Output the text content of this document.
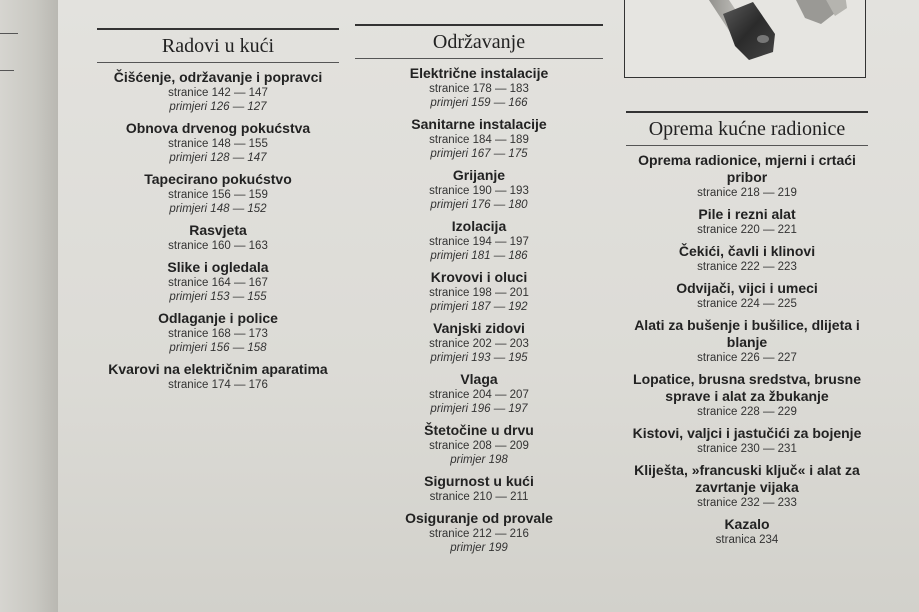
Radovi u kući
Čišćenje, održavanje i popravci
stranice 142 — 147
primjeri 126 — 127
Obnova drvenog pokućstva
stranice 148 — 155
primjeri 128 — 147
Tapecirano pokućstvo
stranice 156 — 159
primjeri 148 — 152
Rasvjeta
stranice 160 — 163
Slike i ogledala
stranice 164 — 167
primjeri 153 — 155
Odlaganje i police
stranice 168 — 173
primjeri 156 — 158
Kvarovi na električnim aparatima
stranice 174 — 176
Održavanje
Električne instalacije
stranice 178 — 183
primjeri 159 — 166
Sanitarne instalacije
stranice 184 — 189
primjeri 167 — 175
Grijanje
stranice 190 — 193
primjeri 176 — 180
Izolacija
stranice 194 — 197
primjeri 181 — 186
Krovovi i oluci
stranice 198 — 201
primjeri 187 — 192
Vanjski zidovi
stranice 202 — 203
primjeri 193 — 195
Vlaga
stranice 204 — 207
primjeri 196 — 197
Štetočine u drvu
stranice 208 — 209
primjer 198
Sigurnost u kući
stranice 210 — 211
Osiguranje od provale
stranice 212 — 216
primjer 199
Oprema kućne radionice
Oprema radionice, mjerni i crtaći pribor
stranice 218 — 219
Pile i rezni alat
stranice 220 — 221
Čekići, čavli i klinovi
stranice 222 — 223
Odvijači, vijci i umeci
stranice 224 — 225
Alati za bušenje i bušilice, dlijeta i blanje
stranice 226 — 227
Lopatice, brusna sredstva, brusne sprave i alat za žbukanje
stranice 228 — 229
Kistovi, valjci i jastučići za bojenje
stranice 230 — 231
Kliješta, »francuski ključ« i alat za zavrtanje vijaka
stranice 232 — 233
Kazalo
stranica 234
